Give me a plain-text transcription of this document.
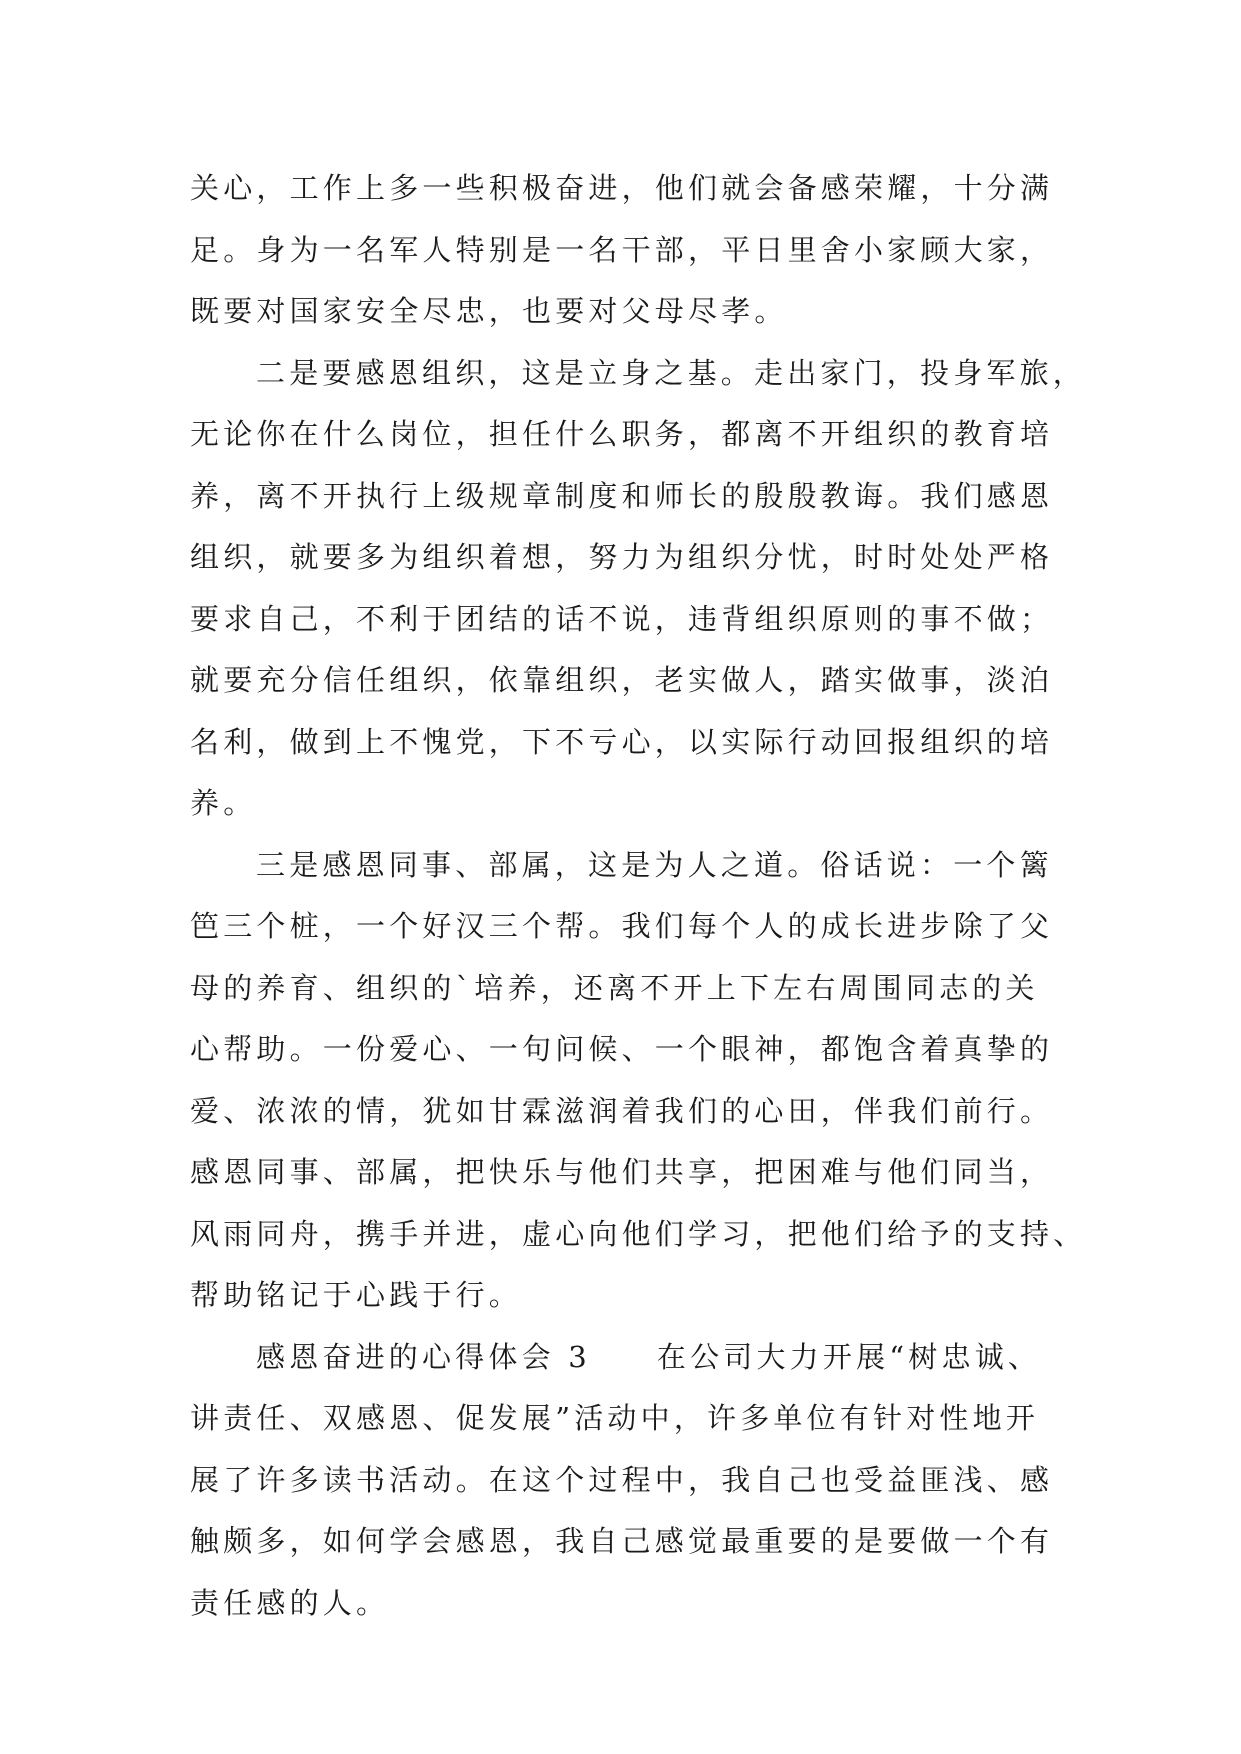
关心，工作上多一些积极奋进，他们就会备感荣耀，十分满
足。身为一名军人特别是一名干部，平日里舍小家顾大家，
既要对国家安全尽忠，也要对父母尽孝。
二是要感恩组织，这是立身之基。走出家门，投身军旅，
无论你在什么岗位，担任什么职务，都离不开组织的教育培
养，离不开执行上级规章制度和师长的殷殷教诲。我们感恩
组织，就要多为组织着想，努力为组织分忧，时时处处严格
要求自己，不利于团结的话不说，违背组织原则的事不做；
就要充分信任组织，依靠组织，老实做人，踏实做事，淡泊
名利，做到上不愧党，下不亏心，以实际行动回报组织的培
养。
三是感恩同事、部属，这是为人之道。俗话说：一个篱
笆三个桩，一个好汉三个帮。我们每个人的成长进步除了父
母的养育、组织的`培养，还离不开上下左右周围同志的关
心帮助。一份爱心、一句问候、一个眼神，都饱含着真挚的
爱、浓浓的情，犹如甘霖滋润着我们的心田，伴我们前行。
感恩同事、部属，把快乐与他们共享，把困难与他们同当，
风雨同舟，携手并进，虚心向他们学习，把他们给予的支持、
帮助铭记于心践于行。
感恩奋进的心得体会 3 在公司大力开展“树忠诚、
讲责任、双感恩、促发展”活动中，许多单位有针对性地开
展了许多读书活动。在这个过程中，我自己也受益匪浅、感
触颇多，如何学会感恩，我自己感觉最重要的是要做一个有
责任感的人。
